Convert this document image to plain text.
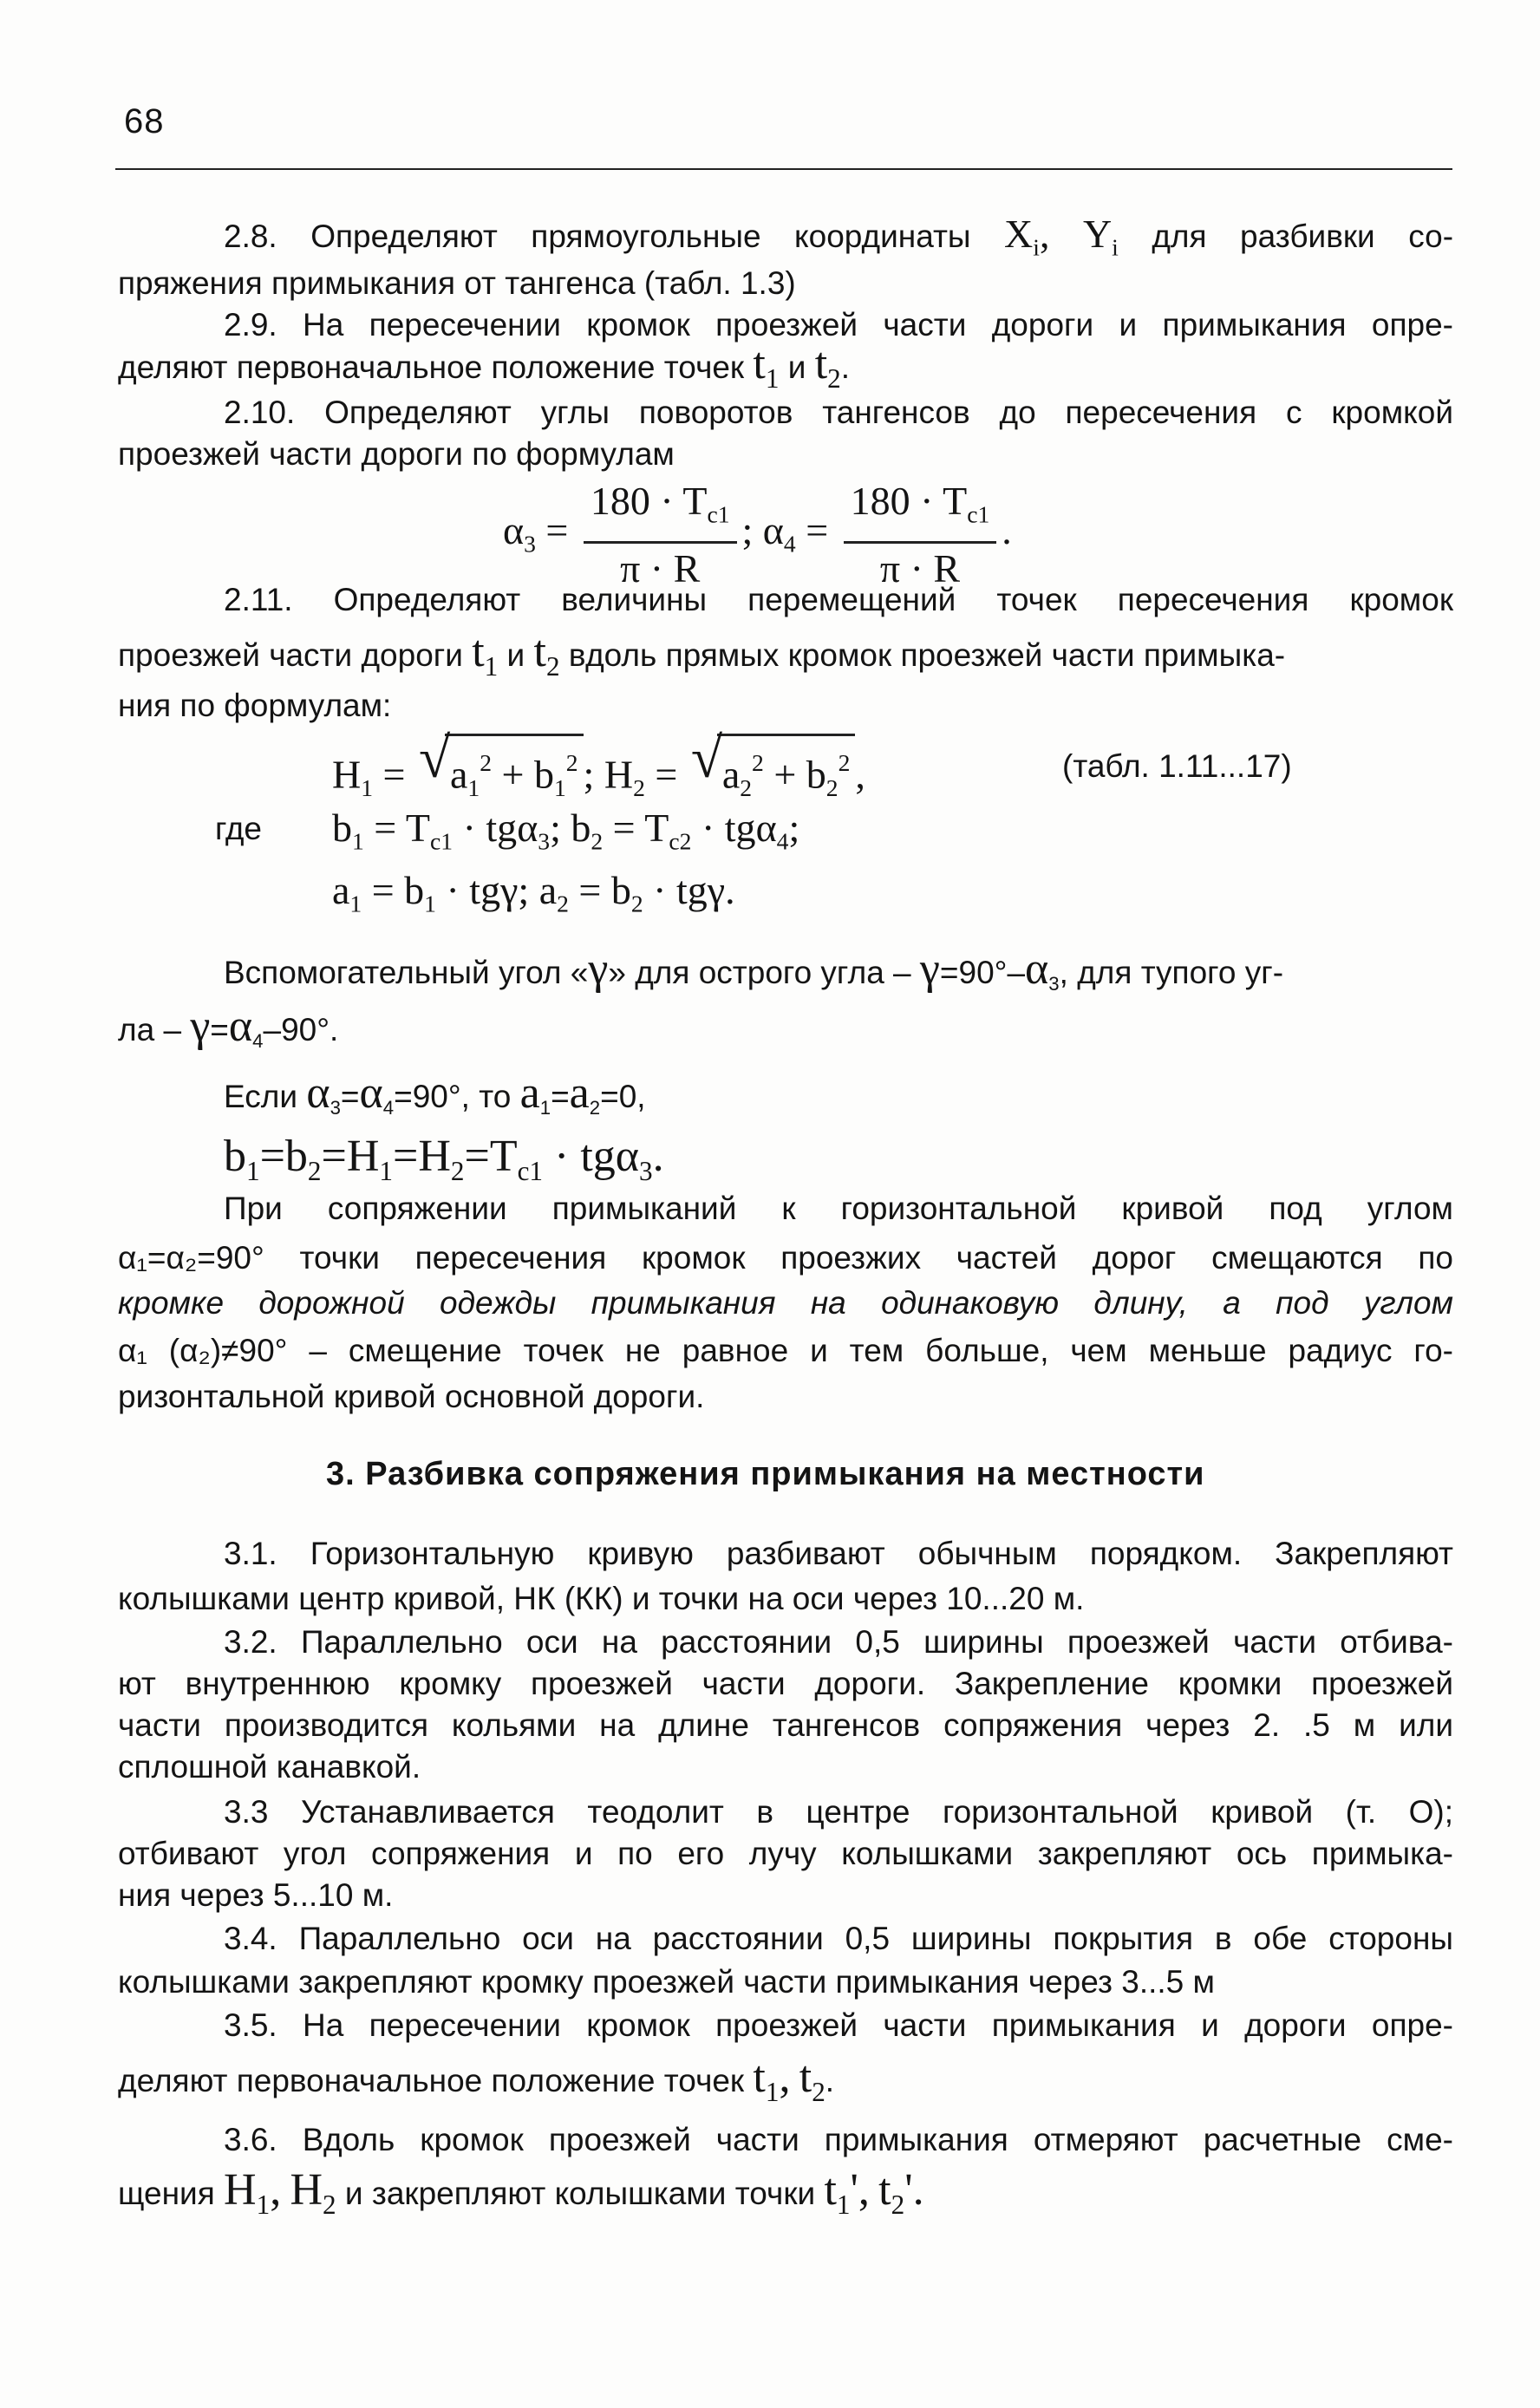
68
2.8. Определяют прямоугольные координаты $X_i$, $Y_i$ для разбивки со-
пряжения примыкания от тангенса (табл. 1.3)
2.9. На пересечении кромок проезжей части дороги и примыкания опре-
деляют первоначальное положение точек $t_1$ и $t_2$.
2.10. Определяют углы поворотов тангенсов до пересечения с кромкой
проезжей части дороги по формулам
$\alpha_3 = \frac{180 \cdot T_{c1}}{\pi \cdot R}$ ; $\alpha_4 = \frac{180 \cdot T_{c1}}{\pi \cdot R}$ .
2.11. Определяют величины перемещений точек пересечения кромок
проезжей части дороги $t_1$ и $t_2$ вдоль прямых кромок проезжей части примыка-
ния по формулам:
$H_1$ = √ $a_1^2 + b_1^2$ ; $H_2$ = √ $a_2^2 + b_2^2$ ,	(табл. 1.11...17)
где $b_1 = T_{c1} \cdot tg\alpha_3$; $b_2 = T_{c2} \cdot tg\alpha_4$;
$a_1 = b_1 \cdot tg\gamma$; $a_2 = b_2 \cdot tg\gamma$.
Вспомогательный угол «γ» для острого угла – $\gamma=90^\circ-\alpha_3$, для тупого уг-
ла – $\gamma=\alpha_4-90^\circ$.
Если $\alpha_3=\alpha_4=90^\circ$, то $a_1=a_2=0$,
$b_1=b_2=H_1=H_2=T_{c1} \cdot tg\alpha_3$.
При сопряжении примыканий к горизонтальной кривой под углом
α₁=α₂=90° точки пересечения кромок проезжих частей дорог смещаются по
кромке дорожной одежды примыкания на одинаковую длину, а под углом
α₁ (α₂)≠90° – смещение точек не равное и тем больше, чем меньше радиус го-
ризонтальной кривой основной дороги.
3. Разбивка сопряжения примыкания на местности
3.1. Горизонтальную кривую разбивают обычным порядком. Закрепляют
колышками центр кривой, НК (КК) и точки на оси через 10...20 м.
3.2. Параллельно оси на расстоянии 0,5 ширины проезжей части отбива-
ют внутреннюю кромку проезжей части дороги. Закрепление кромки проезжей
части производится кольями на длине тангенсов сопряжения через 2. .5 м или
сплошной канавкой.
3.3 Устанавливается теодолит в центре горизонтальной кривой (т. О);
отбивают угол сопряжения и по его лучу колышками закрепляют ось примыка-
ния через 5...10 м.
3.4. Параллельно оси на расстоянии 0,5 ширины покрытия в обе стороны
колышками закрепляют кромку проезжей части примыкания через 3...5 м
3.5. На пересечении кромок проезжей части примыкания и дороги опре-
деляют первоначальное положение точек $t_1$, $t_2$.
3.6. Вдоль кромок проезжей части примыкания отмеряют расчетные сме-
щения $H_1$, $H_2$ и закрепляют колышками точки $t_1'$, $t_2'$.
